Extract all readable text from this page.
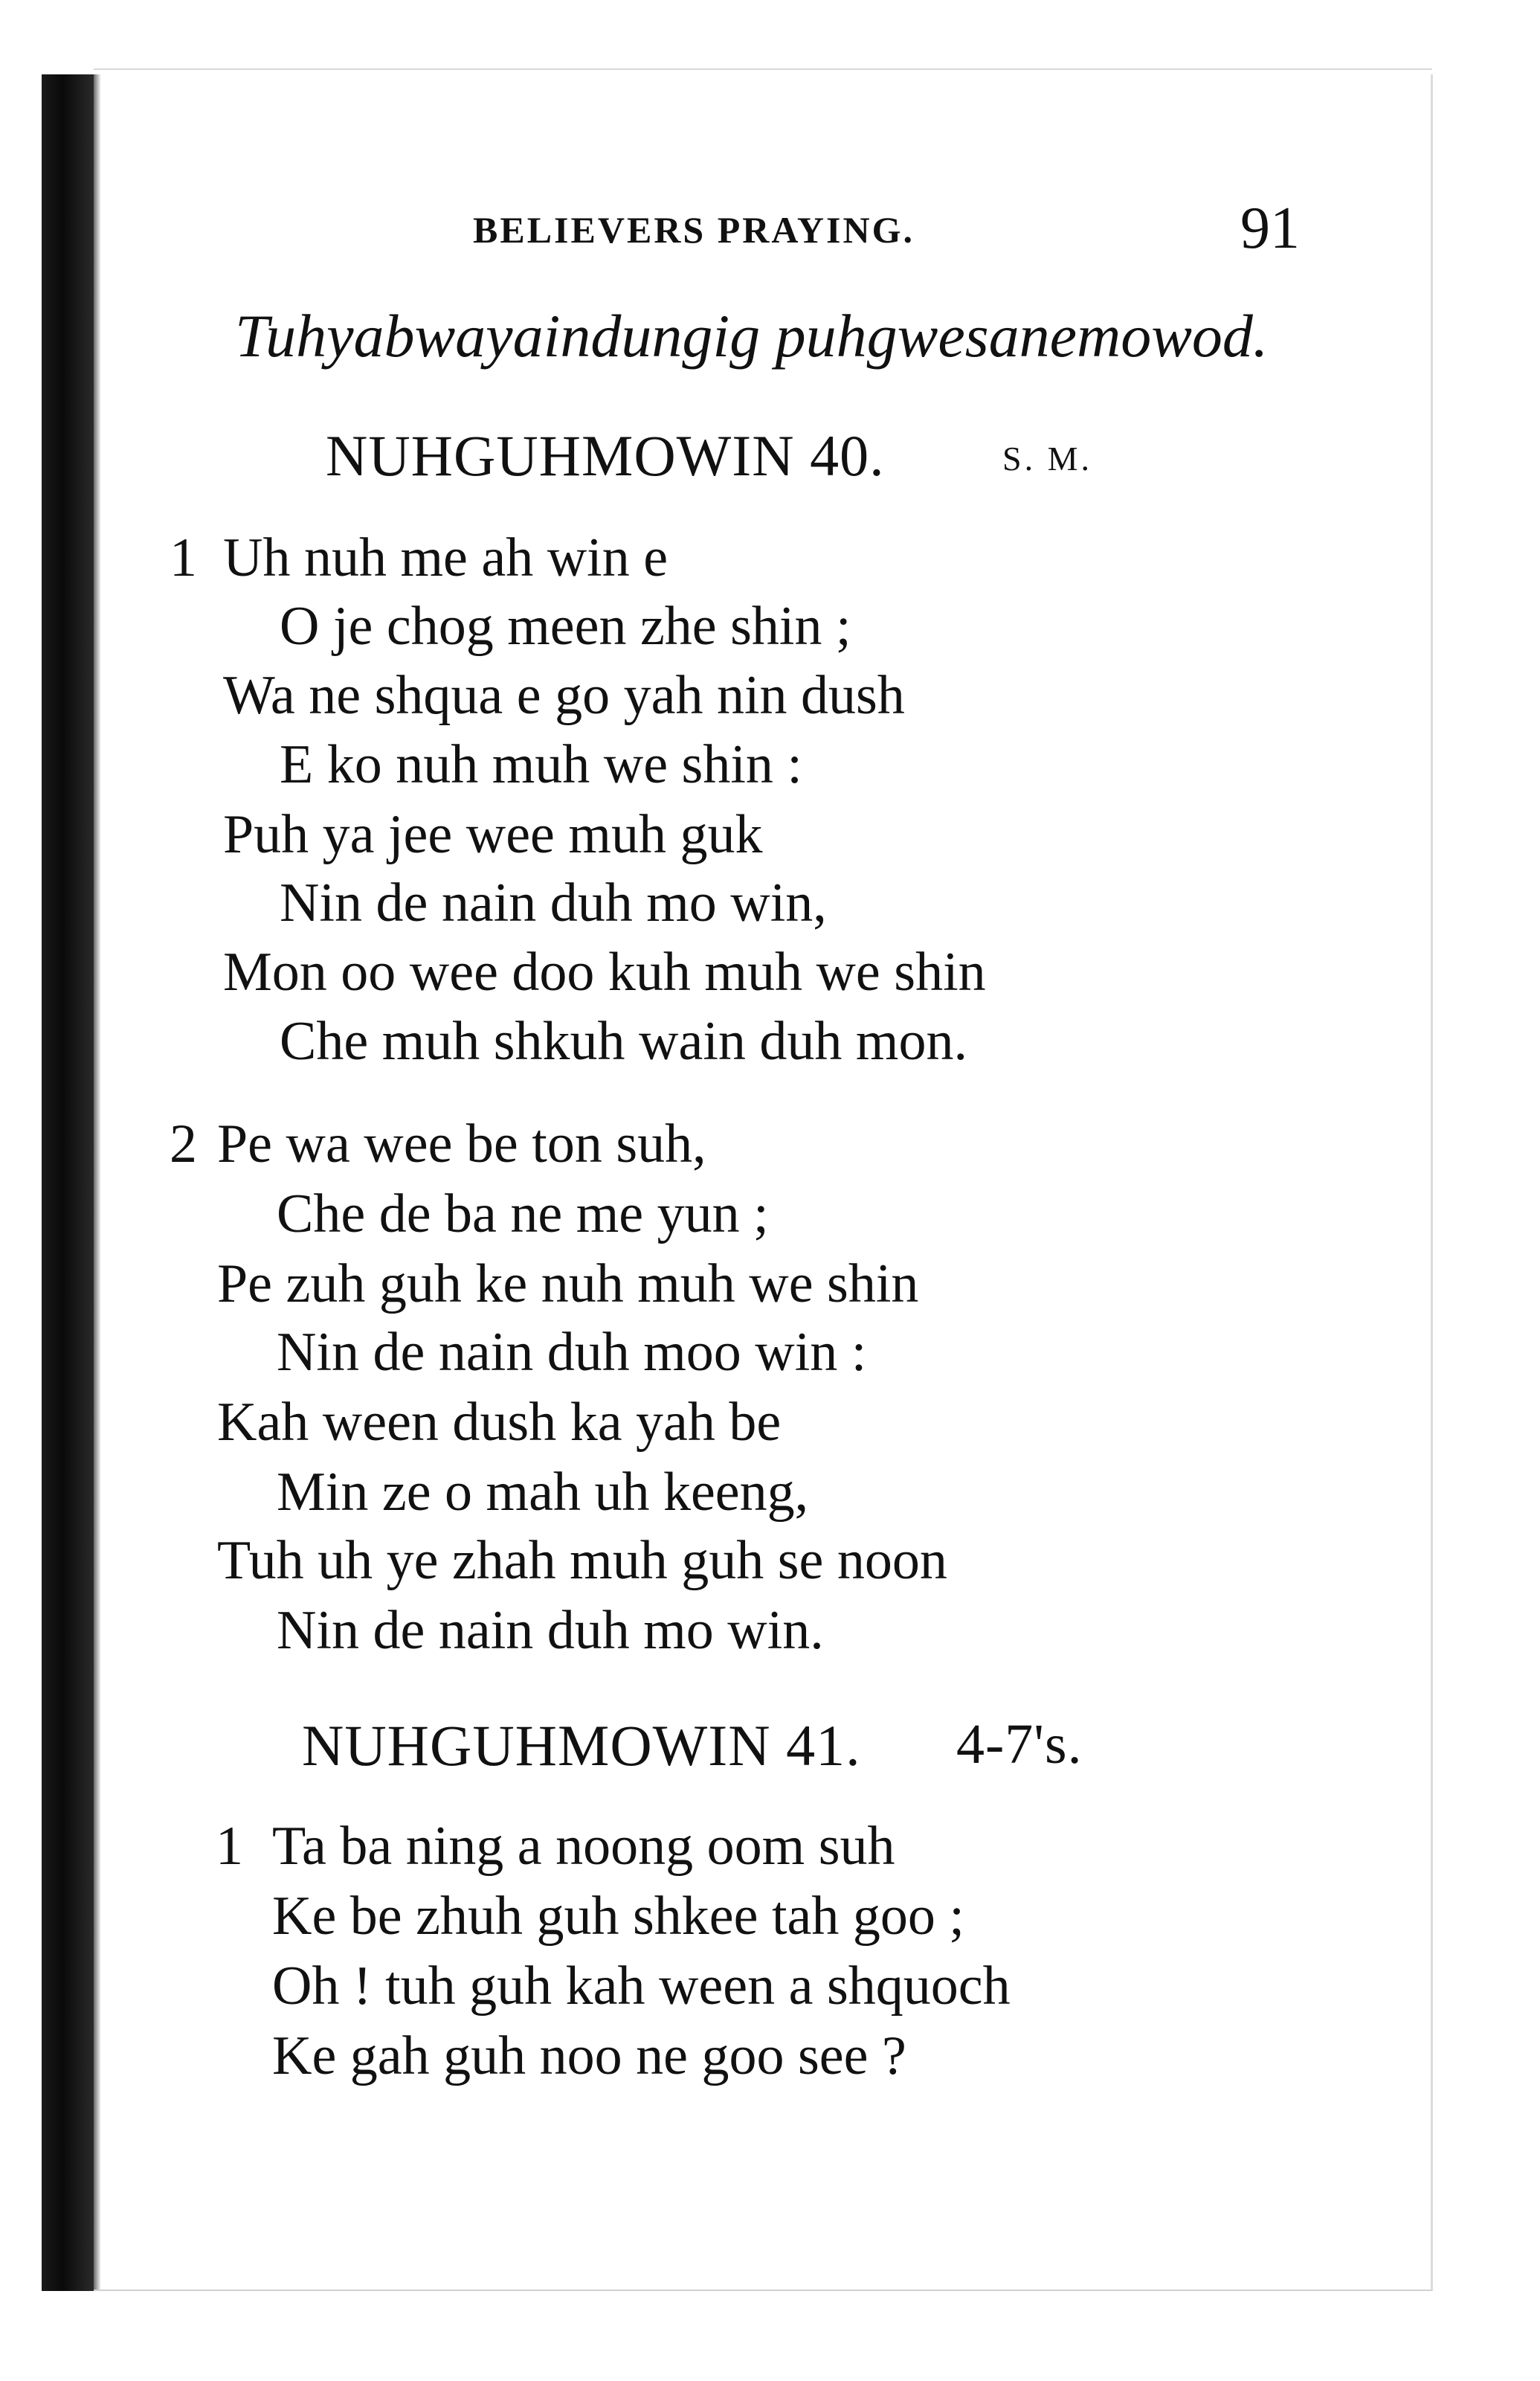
BELIEVERS PRAYING.	91
Tuhyabwayaindungig puhgwesanemowod.
NUHGUHMOWIN 40.	S. M.
1 Uh nuh me ah win e
O je chog meen zhe shin ;
Wa ne shqua e go yah nin dush
E ko nuh muh we shin :
Puh ya jee wee muh guk
Nin de nain duh mo win,
Mon oo wee doo kuh muh we shin
Che muh shkuh wain duh mon.
2 Pe wa wee be ton suh,
Che de ba ne me yun ;
Pe zuh guh ke nuh muh we shin
Nin de nain duh moo win :
Kah ween dush ka yah be
Min ze o mah uh keeng,
Tuh uh ye zhah muh guh se noon
Nin de nain duh mo win.
NUHGUHMOWIN 41. 4-7's.
1 Ta ba ning a noong oom suh
Ke be zhuh guh shkee tah goo ;
Oh ! tuh guh kah ween a shquoch
Ke gah guh noo ne goo see ?
